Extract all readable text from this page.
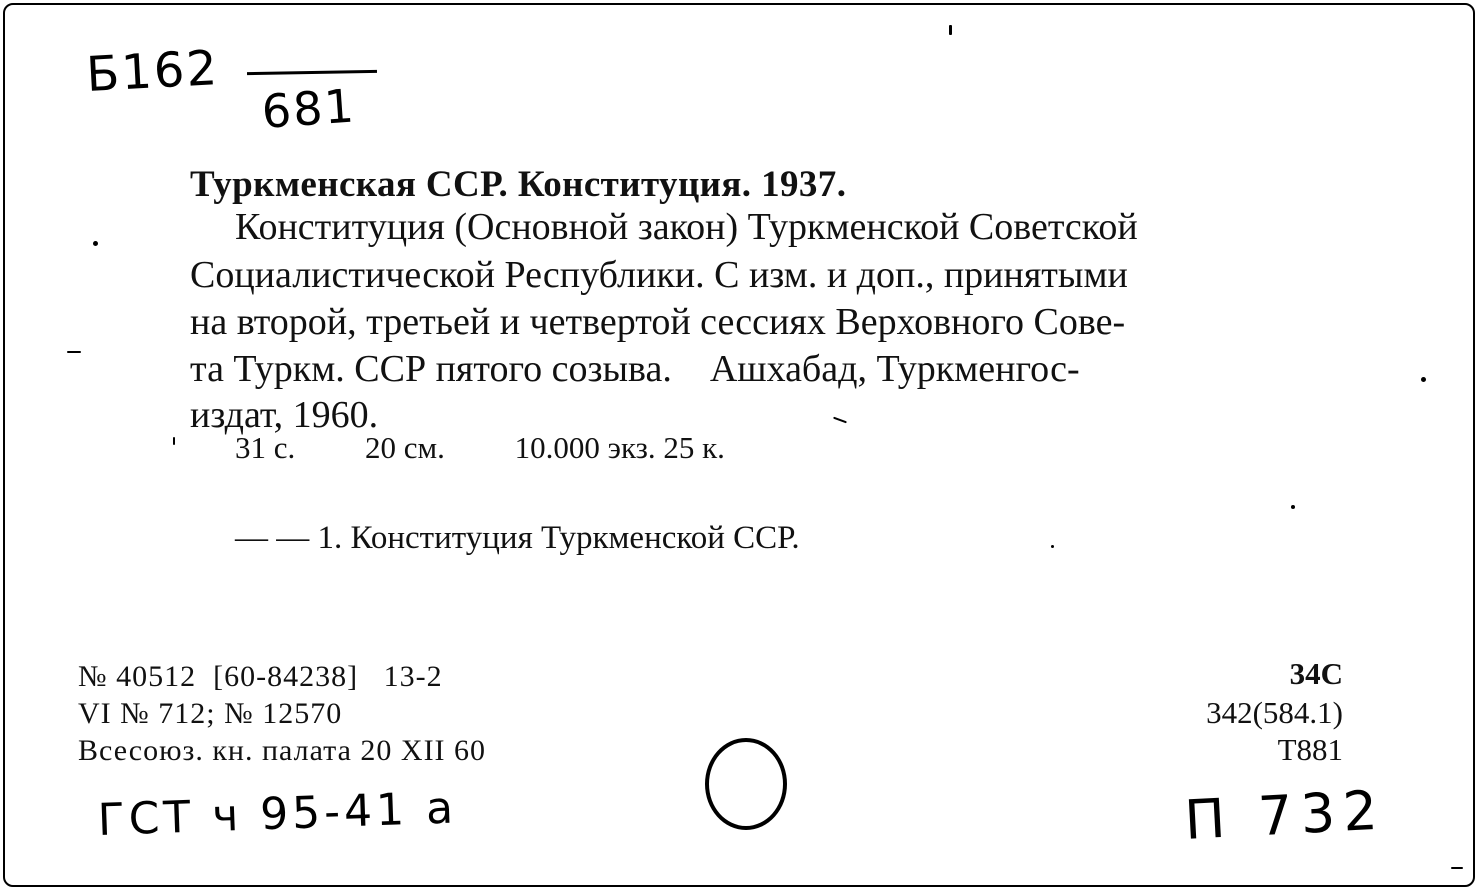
Б162
681
Туркменская ССР. Конституция. 1937.
Конституция (Основной закон) Туркменской Советской
Социалистической Республики. С изм. и доп., принятыми
на второй, третьей и четвертой сессиях Верховного Сове-
та Туркм. ССР пятого созыва.    Ашхабад, Туркменгос-
издат, 1960.
31 с. 20 см. 10.000 экз. 25 к.
— — 1. Конституция Туркменской ССР.
№ 40512  [60-84238]   13-2
VI № 712; № 12570
Всесоюз. кн. палата 20 XII 60
34С
342(584.1)
Т881
ГСТ ч 95-41 а	П 732
